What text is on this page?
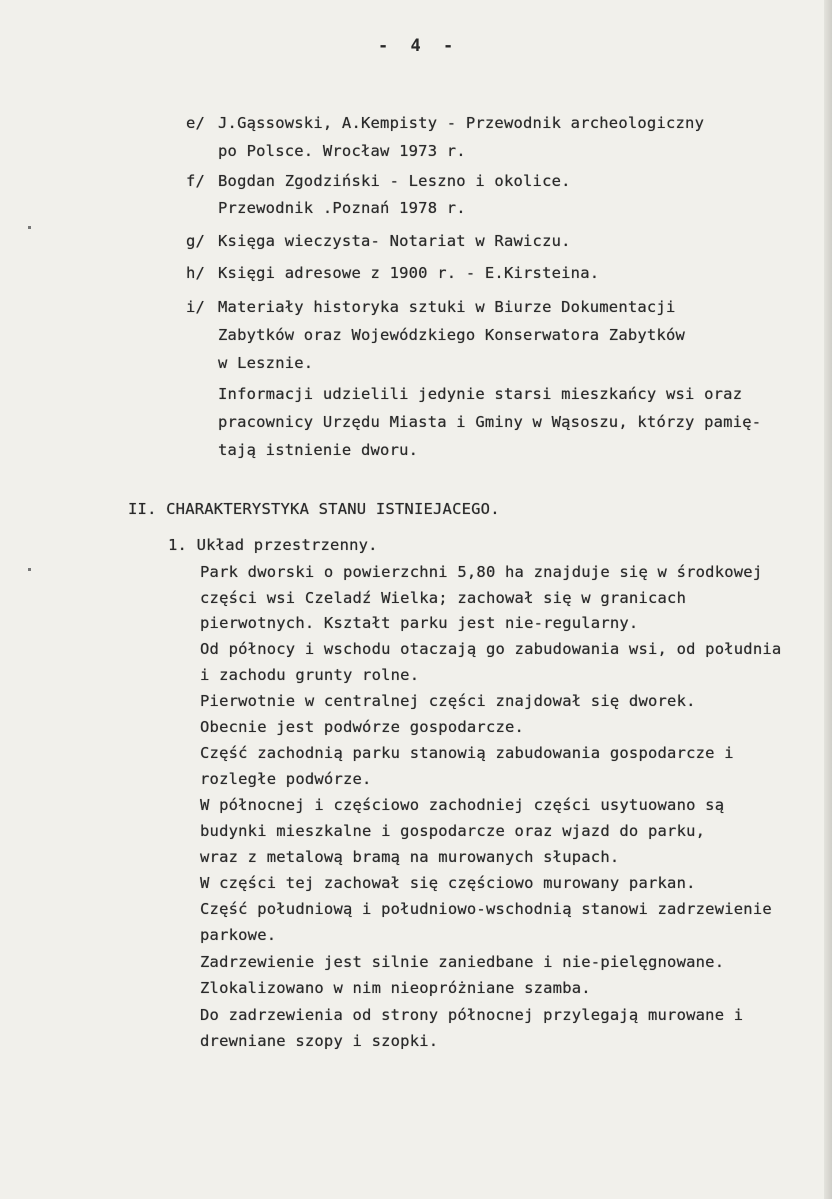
- 4 -
e/ J.Gąssowski, A.Kempisty - Przewodnik archeologiczny
po Polsce. Wrocław 1973 r.
f/ Bogdan Zgodziński - Leszno i okolice.
Przewodnik .Poznań 1978 r.
g/ Księga wieczysta- Notariat w Rawiczu.
h/ Księgi adresowe z 1900 r. - E.Kirsteina.
i/ Materiały historyka sztuki w Biurze Dokumentacji
Zabytków oraz Wojewódzkiego Konserwatora Zabytków
w Lesznie.
Informacji udzielili jedynie starsi mieszkańcy wsi oraz
pracownicy Urzędu Miasta i Gminy w Wąsoszu, którzy pamię-
tają istnienie dworu.
II. CHARAKTERYSTYKA STANU ISTNIEJACEGO.
1. Układ przestrzenny.
Park dworski o powierzchni 5,80 ha znajduje się w środkowej
części wsi Czeladź Wielka; zachował się w granicach
pierwotnych. Kształt parku jest nie-regularny.
Od północy i wschodu otaczają go zabudowania wsi, od południa
i zachodu grunty rolne.
Pierwotnie w centralnej części znajdował się dworek.
Obecnie jest podwórze gospodarcze.
Część zachodnią parku stanowią zabudowania gospodarcze i
rozległe podwórze.
W północnej i częściowo zachodniej części usytuowano są
budynki mieszkalne i gospodarcze oraz wjazd do parku,
wraz z metalową bramą na murowanych słupach.
W części tej zachował się częściowo murowany parkan.
Część południową i południowo-wschodnią stanowi zadrzewienie
parkowe.
Zadrzewienie jest silnie zaniedbane i nie-pielęgnowane.
Zlokalizowano w nim nieopróżniane szamba.
Do zadrzewienia od strony północnej przylegają murowane i
drewniane szopy i szopki.
